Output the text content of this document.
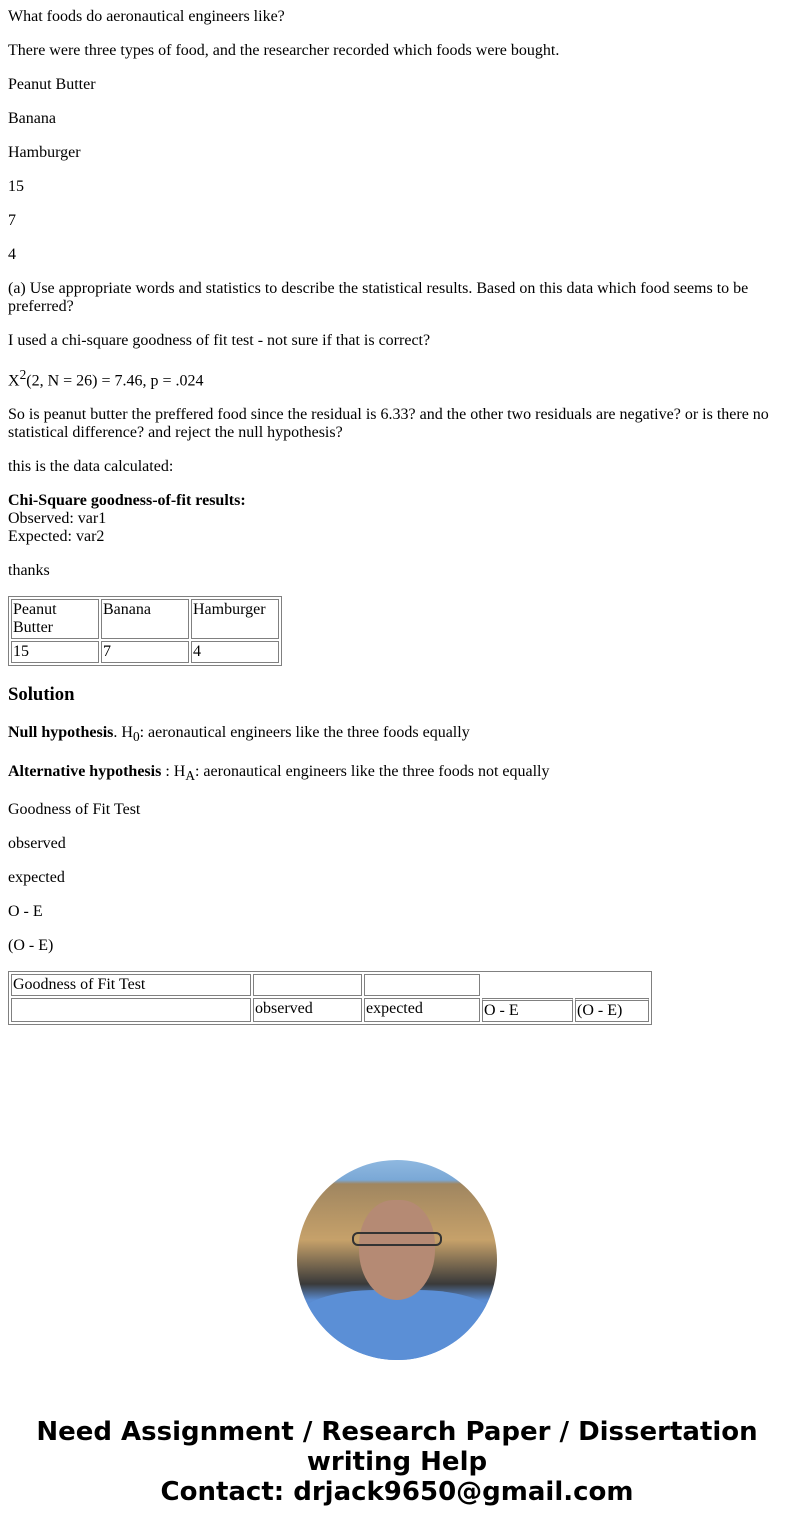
What foods do aeronautical engineers like?

There were three types of food, and the researcher recorded which foods were bought.

Peanut Butter

Banana

Hamburger

15

7

4

(a) Use appropriate words and statistics to describe the statistical results. Based on this data which food seems to be preferred?

I used a chi-square goodness of fit test - not sure if that is correct?

$X^2(2$, N = 26) = 7.46, p = .024

So is peanut butter the preffered food since the residual is 6.33? and the other two residuals are negative? or is there no statistical difference? and reject the null hypothesis?

this is the data calculated:

Chi-Square goodness-of-fit results:
Observed: var1
Expected: var2

thanks

Peanut Butter	Banana	Hamburger
15	7	4
Solution

Null hypothesis. $H_0$: aeronautical engineers like the three foods equally

Alternative hypothesis : $H_A$: aeronautical engineers like the three foods not equally

Goodness of Fit Test

observed

expected

O - E

(O - E)

Goodness of Fit Test				
	observed	expected	O - E	(O - E)
Need Assignment / Research Paper / Dissertation writing Help
Contact: drjack9650@gmail.com
